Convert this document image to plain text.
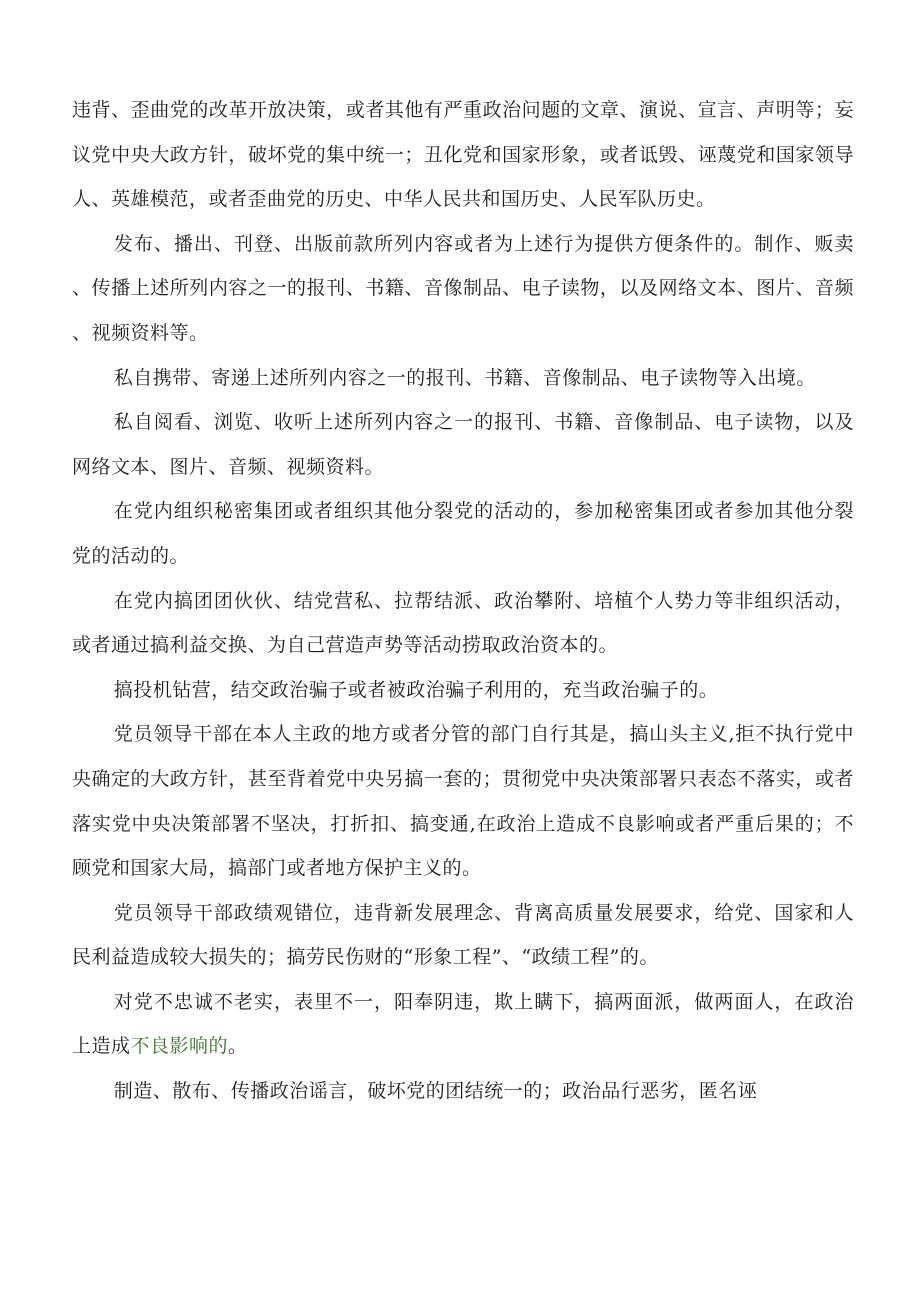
违背、歪曲党的改革开放决策，或者其他有严重政治问题的文章、演说、宣言、声明等；妄议党中央大政方针，破坏党的集中统一；丑化党和国家形象，或者诋毁、诬蔑党和国家领导人、英雄模范，或者歪曲党的历史、中华人民共和国历史、人民军队历史。

发布、播出、刊登、出版前款所列内容或者为上述行为提供方便条件的。制作、贩卖、传播上述所列内容之一的报刊、书籍、音像制品、电子读物，以及网络文本、图片、音频、视频资料等。

私自携带、寄递上述所列内容之一的报刊、书籍、音像制品、电子读物等入出境。

私自阅看、浏览、收听上述所列内容之一的报刊、书籍、音像制品、电子读物，以及网络文本、图片、音频、视频资料。

在党内组织秘密集团或者组织其他分裂党的活动的，参加秘密集团或者参加其他分裂党的活动的。

在党内搞团团伙伙、结党营私、拉帮结派、政治攀附、培植个人势力等非组织活动，或者通过搞利益交换、为自己营造声势等活动捞取政治资本的。

搞投机钻营，结交政治骗子或者被政治骗子利用的，充当政治骗子的。

党员领导干部在本人主政的地方或者分管的部门自行其是，搞山头主义,拒不执行党中央确定的大政方针，甚至背着党中央另搞一套的；贯彻党中央决策部署只表态不落实，或者落实党中央决策部署不坚决，打折扣、搞变通,在政治上造成不良影响或者严重后果的；不顾党和国家大局，搞部门或者地方保护主义的。

党员领导干部政绩观错位，违背新发展理念、背离高质量发展要求，给党、国家和人民利益造成较大损失的；搞劳民伤财的“形象工程”、“政绩工程”的。

对党不忠诚不老实，表里不一，阳奉阴违，欺上瞒下，搞两面派，做两面人，在政治上造成不良影响的。

制造、散布、传播政治谣言，破坏党的团结统一的；政治品行恶劣，匿名诬
